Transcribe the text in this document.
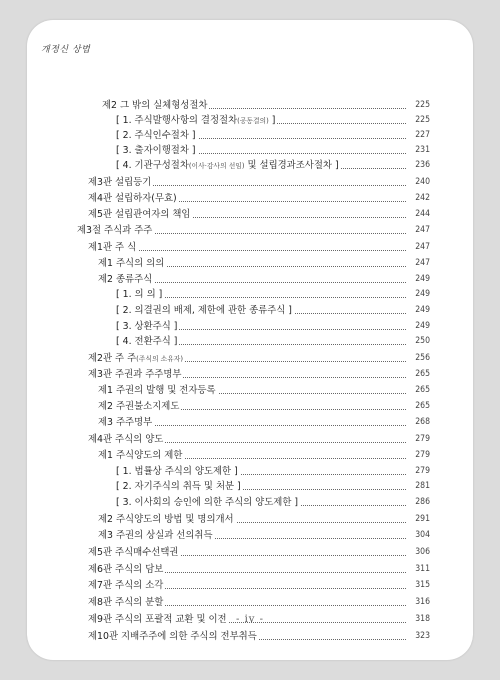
개정신 상법
제2 그 밖의 실체형성절차	225
[ 1. 주식발행사항의 결정절차(공동결의) ]	225
[ 2. 주식인수절차 ]	227
[ 3. 출자이행절차 ]	231
[ 4. 기관구성절차(이사·감사의 선임) 및 설립경과조사절차 ]	236
제3관 설립등기	240
제4관 설립하자(무효)	242
제5관 설립관여자의 책임	244
제3절 주식과 주주	247
제1관 주 식	247
제1 주식의 의의	247
제2 종류주식	249
[ 1. 의 의 ]	249
[ 2. 의결권의 배제, 제한에 관한 종류주식 ]	249
[ 3. 상환주식 ]	249
[ 4. 전환주식 ]	250
제2관 주 주(주식의 소유자)	256
제3관 주권과 주주명부	265
제1 주권의 발행 및 전자등록	265
제2 주권불소지제도	265
제3 주주명부	268
제4관 주식의 양도	279
제1 주식양도의 제한	279
[ 1. 법률상 주식의 양도제한 ]	279
[ 2. 자기주식의 취득 및 처분 ]	281
[ 3. 이사회의 승인에 의한 주식의 양도제한 ]	286
제2 주식양도의 방법 및 명의개서	291
제3 주권의 상실과 선의취득	304
제5관 주식매수선택권	306
제6관 주식의 담보	311
제7관 주식의 소각	315
제8관 주식의 분할	316
제9관 주식의 포괄적 교환 및 이전	318
제10관 지배주주에 의한 주식의 전부취득	323
- iv -
